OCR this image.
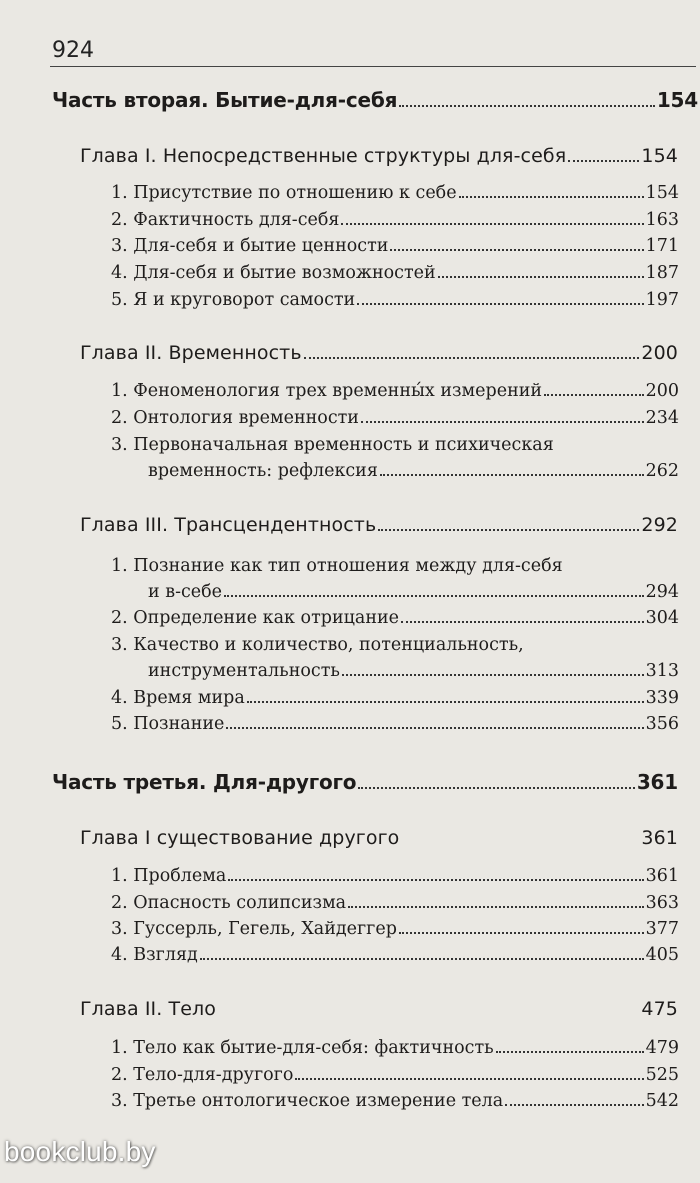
924
Часть вторая. Бытие-для-себя	154
Глава I. Непосредственные структуры для-себя	154
1. Присутствие по отношению к себе	154
2. Фактичность для-себя	163
3. Для-себя и бытие ценности	171
4. Для-себя и бытие возможностей	187
5. Я и круговорот самости	197
Глава II. Временность	200
1. Феноменология трех временны́х измерений	200
2. Онтология временности	234
3. Первоначальная временность и психическая
временность: рефлексия	262
Глава III. Трансцендентность	292
1. Познание как тип отношения между для-себя
и в-себе	294
2. Определение как отрицание	304
3. Качество и количество, потенциальность,
инструментальность	313
4. Время мира	339
5. Познание	356
Часть третья. Для-другого	361
Глава I существование другого	361
1. Проблема	361
2. Опасность солипсизма	363
3. Гуссерль, Гегель, Хайдеггер	377
4. Взгляд	405
Глава II. Тело	475
1. Тело как бытие-для-себя: фактичность	479
2. Тело-для-другого	525
3. Третье онтологическое измерение тела	542
bookclub.by
